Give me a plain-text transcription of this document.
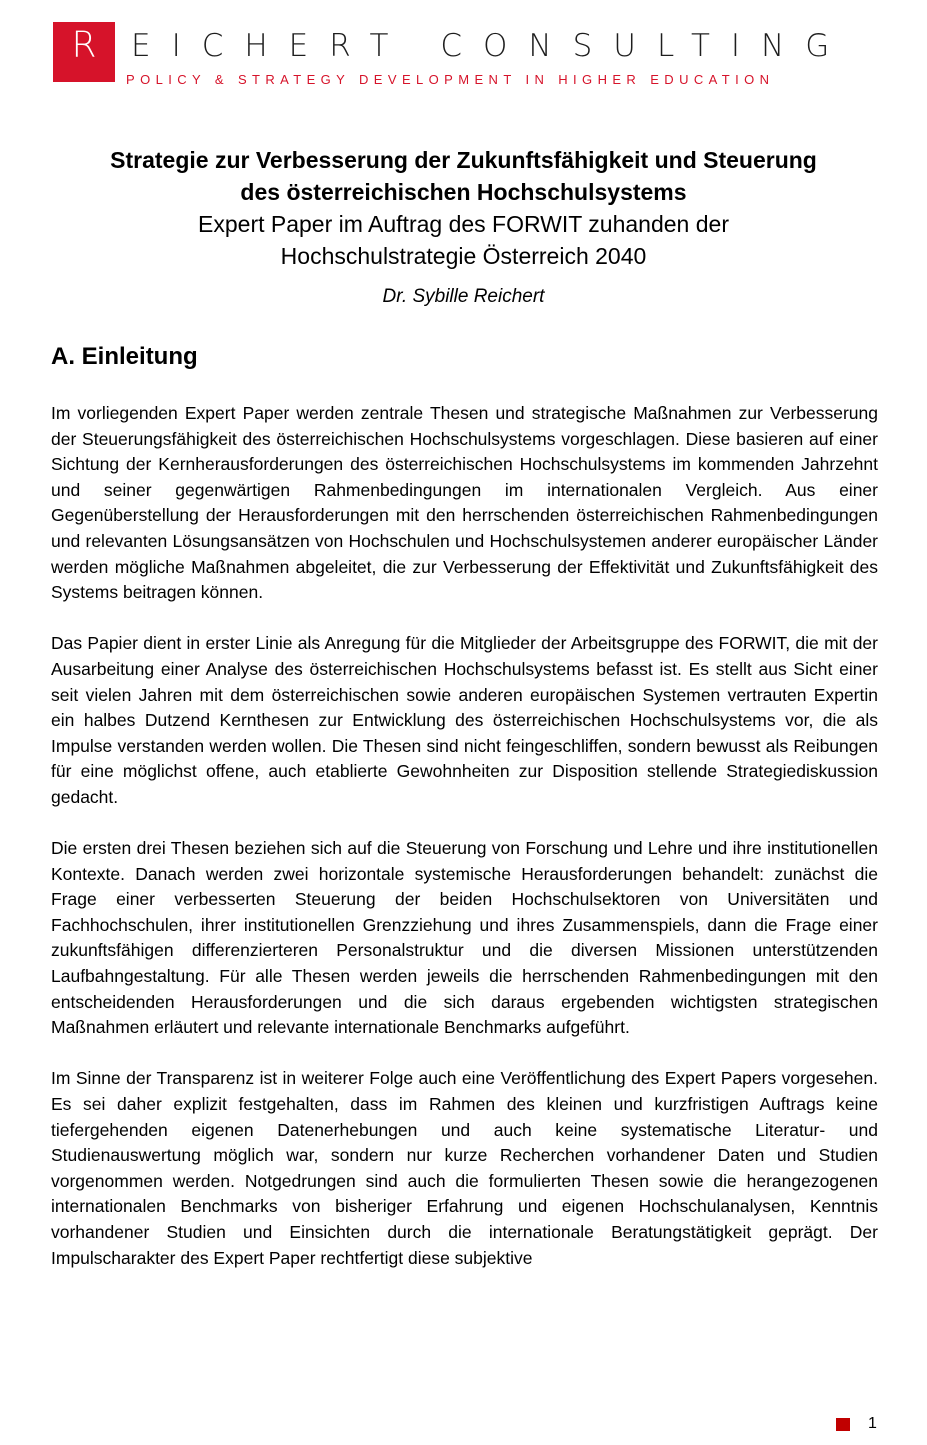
R	EICHERT CONSULTING
POLICY & STRATEGY DEVELOPMENT IN HIGHER EDUCATION

Strategie zur Verbesserung der Zukunftsfähigkeit und Steuerung

des österreichischen Hochschulsystems

Expert Paper im Auftrag des FORWIT zuhanden der

Hochschulstrategie Österreich 2040

Dr. Sybille Reichert
A. Einleitung

Im vorliegenden Expert Paper werden zentrale Thesen und strategische Maßnahmen zur Verbesserung der Steuerungsfähigkeit des österreichischen Hochschulsystems vorgeschlagen. Diese basieren auf einer Sichtung der Kernherausforderungen des österreichischen Hochschulsystems im kommenden Jahrzehnt und seiner gegenwärtigen Rahmenbedingungen im internationalen Vergleich. Aus einer Gegenüberstellung der Herausforderungen mit den herrschenden österreichischen Rahmenbedingungen und relevanten Lösungsansätzen von Hochschulen und Hochschulsystemen anderer europäischer Länder werden mögliche Maßnahmen abgeleitet, die zur Verbesserung der Effektivität und Zukunftsfähigkeit des Systems beitragen können.

Das Papier dient in erster Linie als Anregung für die Mitglieder der Arbeitsgruppe des FORWIT, die mit der Ausarbeitung einer Analyse des österreichischen Hochschulsystems befasst ist. Es stellt aus Sicht einer seit vielen Jahren mit dem österreichischen sowie anderen europäischen Systemen vertrauten Expertin ein halbes Dutzend Kernthesen zur Entwicklung des österreichischen Hochschulsystems vor, die als Impulse verstanden werden wollen. Die Thesen sind nicht feingeschliffen, sondern bewusst als Reibungen für eine möglichst offene, auch etablierte Gewohnheiten zur Disposition stellende Strategiediskussion gedacht.

Die ersten drei Thesen beziehen sich auf die Steuerung von Forschung und Lehre und ihre institutionellen Kontexte. Danach werden zwei horizontale systemische Herausforderungen behandelt: zunächst die Frage einer verbesserten Steuerung der beiden Hochschulsektoren von Universitäten und Fachhochschulen, ihrer institutionellen Grenzziehung und ihres Zusammenspiels, dann die Frage einer zukunftsfähigen differenzierteren Personalstruktur und die diversen Missionen unterstützenden Laufbahngestaltung. Für alle Thesen werden jeweils die herrschenden Rahmenbedingungen mit den entscheidenden Herausforderungen und die sich daraus ergebenden wichtigsten strategischen Maßnahmen erläutert und relevante internationale Benchmarks aufgeführt.

Im Sinne der Transparenz ist in weiterer Folge auch eine Veröffentlichung des Expert Papers vorgesehen. Es sei daher explizit festgehalten, dass im Rahmen des kleinen und kurzfristigen Auftrags keine tiefergehenden eigenen Datenerhebungen und auch keine systematische Literatur- und Studienauswertung möglich war, sondern nur kurze Recherchen vorhandener Daten und Studien vorgenommen werden. Notgedrungen sind auch die formulierten Thesen sowie die herangezogenen internationalen Benchmarks von bisheriger Erfahrung und eigenen Hochschulanalysen, Kenntnis vorhandener Studien und Einsichten durch die internationale Beratungstätigkeit geprägt. Der Impulscharakter des Expert Paper rechtfertigt diese subjektive

1
